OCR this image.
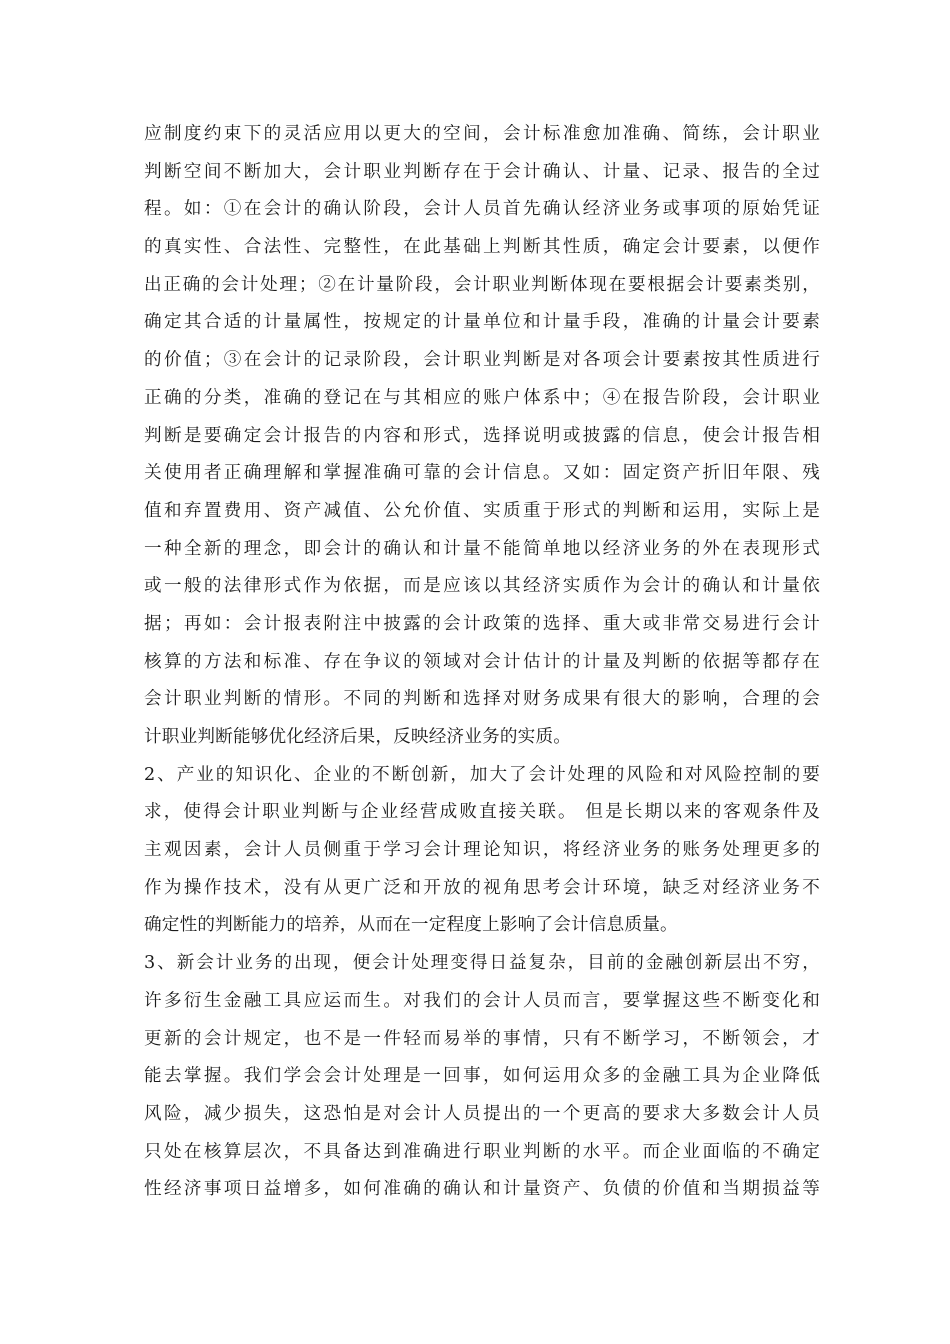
应制度约束下的灵活应用以更大的空间，会计标准愈加准确、简练，会计职业
判断空间不断加大，会计职业判断存在于会计确认、计量、记录、报告的全过
程。如：①在会计的确认阶段，会计人员首先确认经济业务或事项的原始凭证
的真实性、合法性、完整性，在此基础上判断其性质，确定会计要素，以便作
出正确的会计处理；②在计量阶段，会计职业判断体现在要根据会计要素类别，
确定其合适的计量属性，按规定的计量单位和计量手段，准确的计量会计要素
的价值；③在会计的记录阶段，会计职业判断是对各项会计要素按其性质进行
正确的分类，准确的登记在与其相应的账户体系中；④在报告阶段，会计职业
判断是要确定会计报告的内容和形式，选择说明或披露的信息，使会计报告相
关使用者正确理解和掌握准确可靠的会计信息。又如：固定资产折旧年限、残
值和弃置费用、资产减值、公允价值、实质重于形式的判断和运用，实际上是
一种全新的理念，即会计的确认和计量不能简单地以经济业务的外在表现形式
或一般的法律形式作为依据，而是应该以其经济实质作为会计的确认和计量依
据；再如：会计报表附注中披露的会计政策的选择、重大或非常交易进行会计
核算的方法和标准、存在争议的领域对会计估计的计量及判断的依据等都存在
会计职业判断的情形。不同的判断和选择对财务成果有很大的影响，合理的会
计职业判断能够优化经济后果，反映经济业务的实质。
2、产业的知识化、企业的不断创新，加大了会计处理的风险和对风险控制的要
求，使得会计职业判断与企业经营成败直接关联。 但是长期以来的客观条件及
主观因素，会计人员侧重于学习会计理论知识，将经济业务的账务处理更多的
作为操作技术，没有从更广泛和开放的视角思考会计环境，缺乏对经济业务不
确定性的判断能力的培养，从而在一定程度上影响了会计信息质量。
3、新会计业务的出现，便会计处理变得日益复杂，目前的金融创新层出不穷，
许多衍生金融工具应运而生。对我们的会计人员而言，要掌握这些不断变化和
更新的会计规定，也不是一件轻而易举的事情，只有不断学习，不断领会，才
能去掌握。我们学会会计处理是一回事，如何运用众多的金融工具为企业降低
风险，减少损失，这恐怕是对会计人员提出的一个更高的要求大多数会计人员
只处在核算层次，不具备达到准确进行职业判断的水平。而企业面临的不确定
性经济事项日益增多，如何准确的确认和计量资产、负债的价值和当期损益等
